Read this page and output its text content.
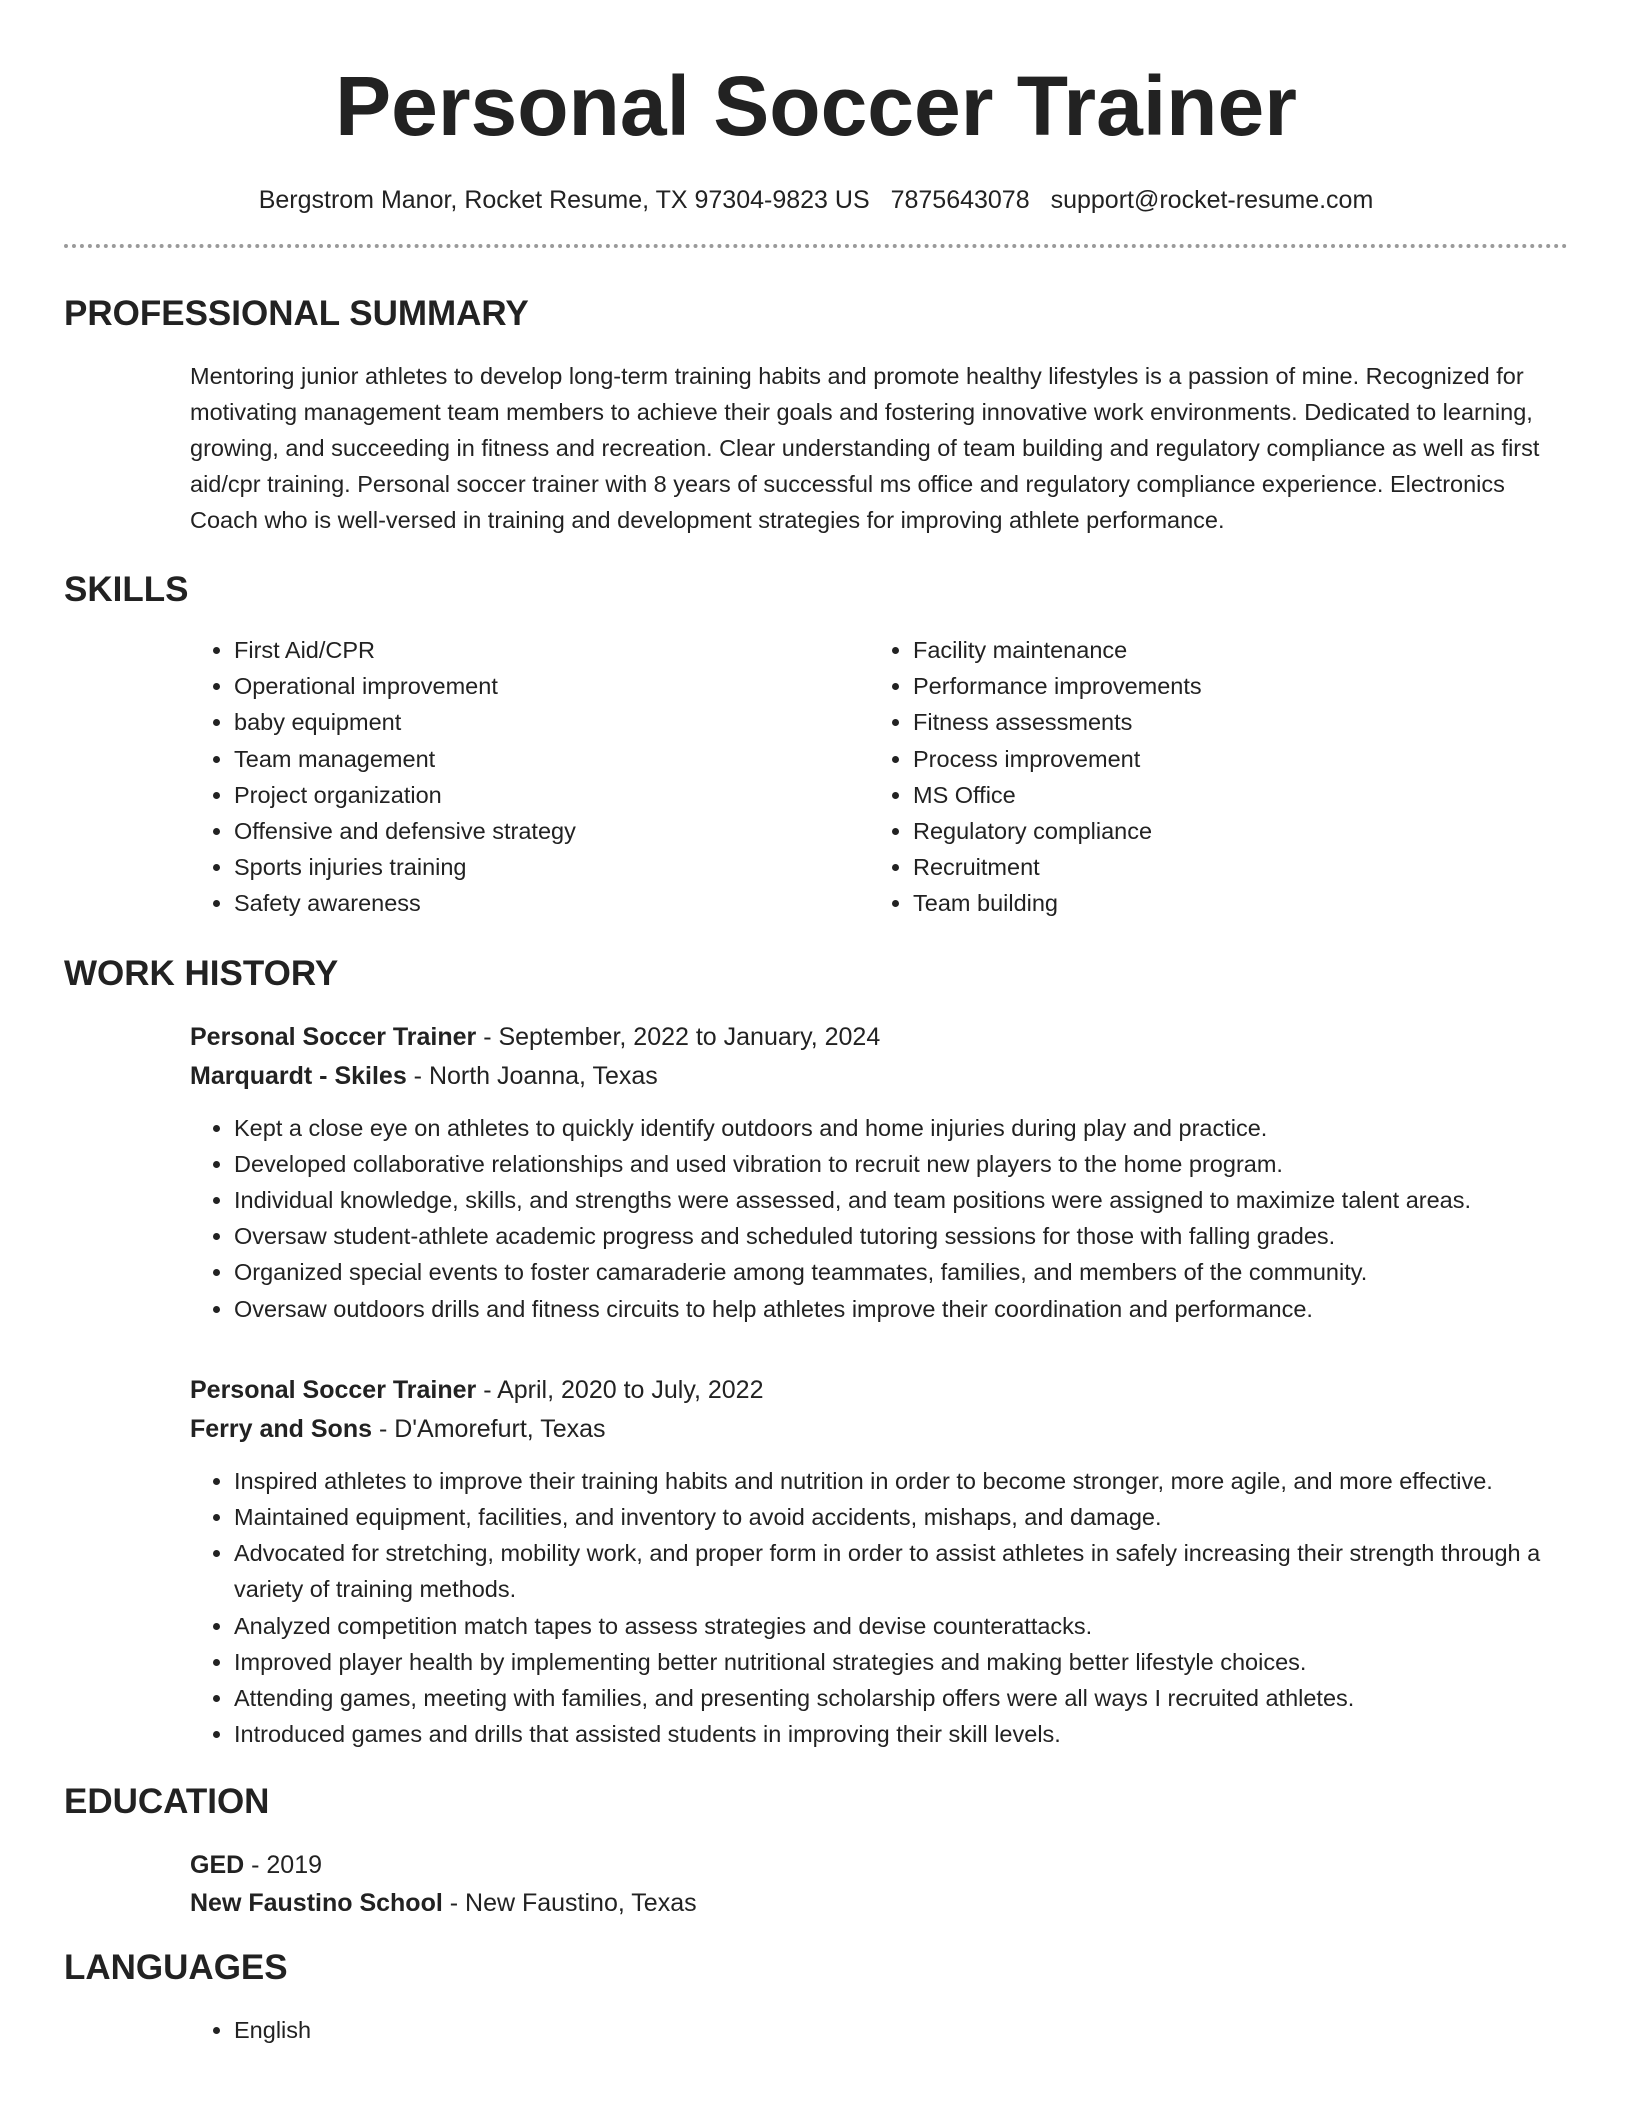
Personal Soccer Trainer
Bergstrom Manor, Rocket Resume, TX 97304-9823 US 7875643078 support@rocket-resume.com
PROFESSIONAL SUMMARY

Mentoring junior athletes to develop long-term training habits and promote healthy lifestyles is a passion of mine. Recognized for motivating management team members to achieve their goals and fostering innovative work environments. Dedicated to learning, growing, and succeeding in fitness and recreation. Clear understanding of team building and regulatory compliance as well as first aid/cpr training. Personal soccer trainer with 8 years of successful ms office and regulatory compliance experience. Electronics Coach who is well-versed in training and development strategies for improving athlete performance.

SKILLS
• First Aid/CPR
• Operational improvement
• baby equipment
• Team management
• Project organization
• Offensive and defensive strategy
• Sports injuries training
• Safety awareness
• Facility maintenance
• Performance improvements
• Fitness assessments
• Process improvement
• MS Office
• Regulatory compliance
• Recruitment
• Team building
WORK HISTORY
Personal Soccer Trainer - September, 2022 to January, 2024
Marquardt - Skiles - North Joanna, Texas
• Kept a close eye on athletes to quickly identify outdoors and home injuries during play and practice.
• Developed collaborative relationships and used vibration to recruit new players to the home program.
• Individual knowledge, skills, and strengths were assessed, and team positions were assigned to maximize talent areas.
• Oversaw student-athlete academic progress and scheduled tutoring sessions for those with falling grades.
• Organized special events to foster camaraderie among teammates, families, and members of the community.
• Oversaw outdoors drills and fitness circuits to help athletes improve their coordination and performance.
Personal Soccer Trainer - April, 2020 to July, 2022
Ferry and Sons - D'Amorefurt, Texas
• Inspired athletes to improve their training habits and nutrition in order to become stronger, more agile, and more effective.
• Maintained equipment, facilities, and inventory to avoid accidents, mishaps, and damage.
• Advocated for stretching, mobility work, and proper form in order to assist athletes in safely increasing their strength through a variety of training methods.
• Analyzed competition match tapes to assess strategies and devise counterattacks.
• Improved player health by implementing better nutritional strategies and making better lifestyle choices.
• Attending games, meeting with families, and presenting scholarship offers were all ways I recruited athletes.
• Introduced games and drills that assisted students in improving their skill levels.
EDUCATION
GED - 2019
New Faustino School - New Faustino, Texas
LANGUAGES
• English
